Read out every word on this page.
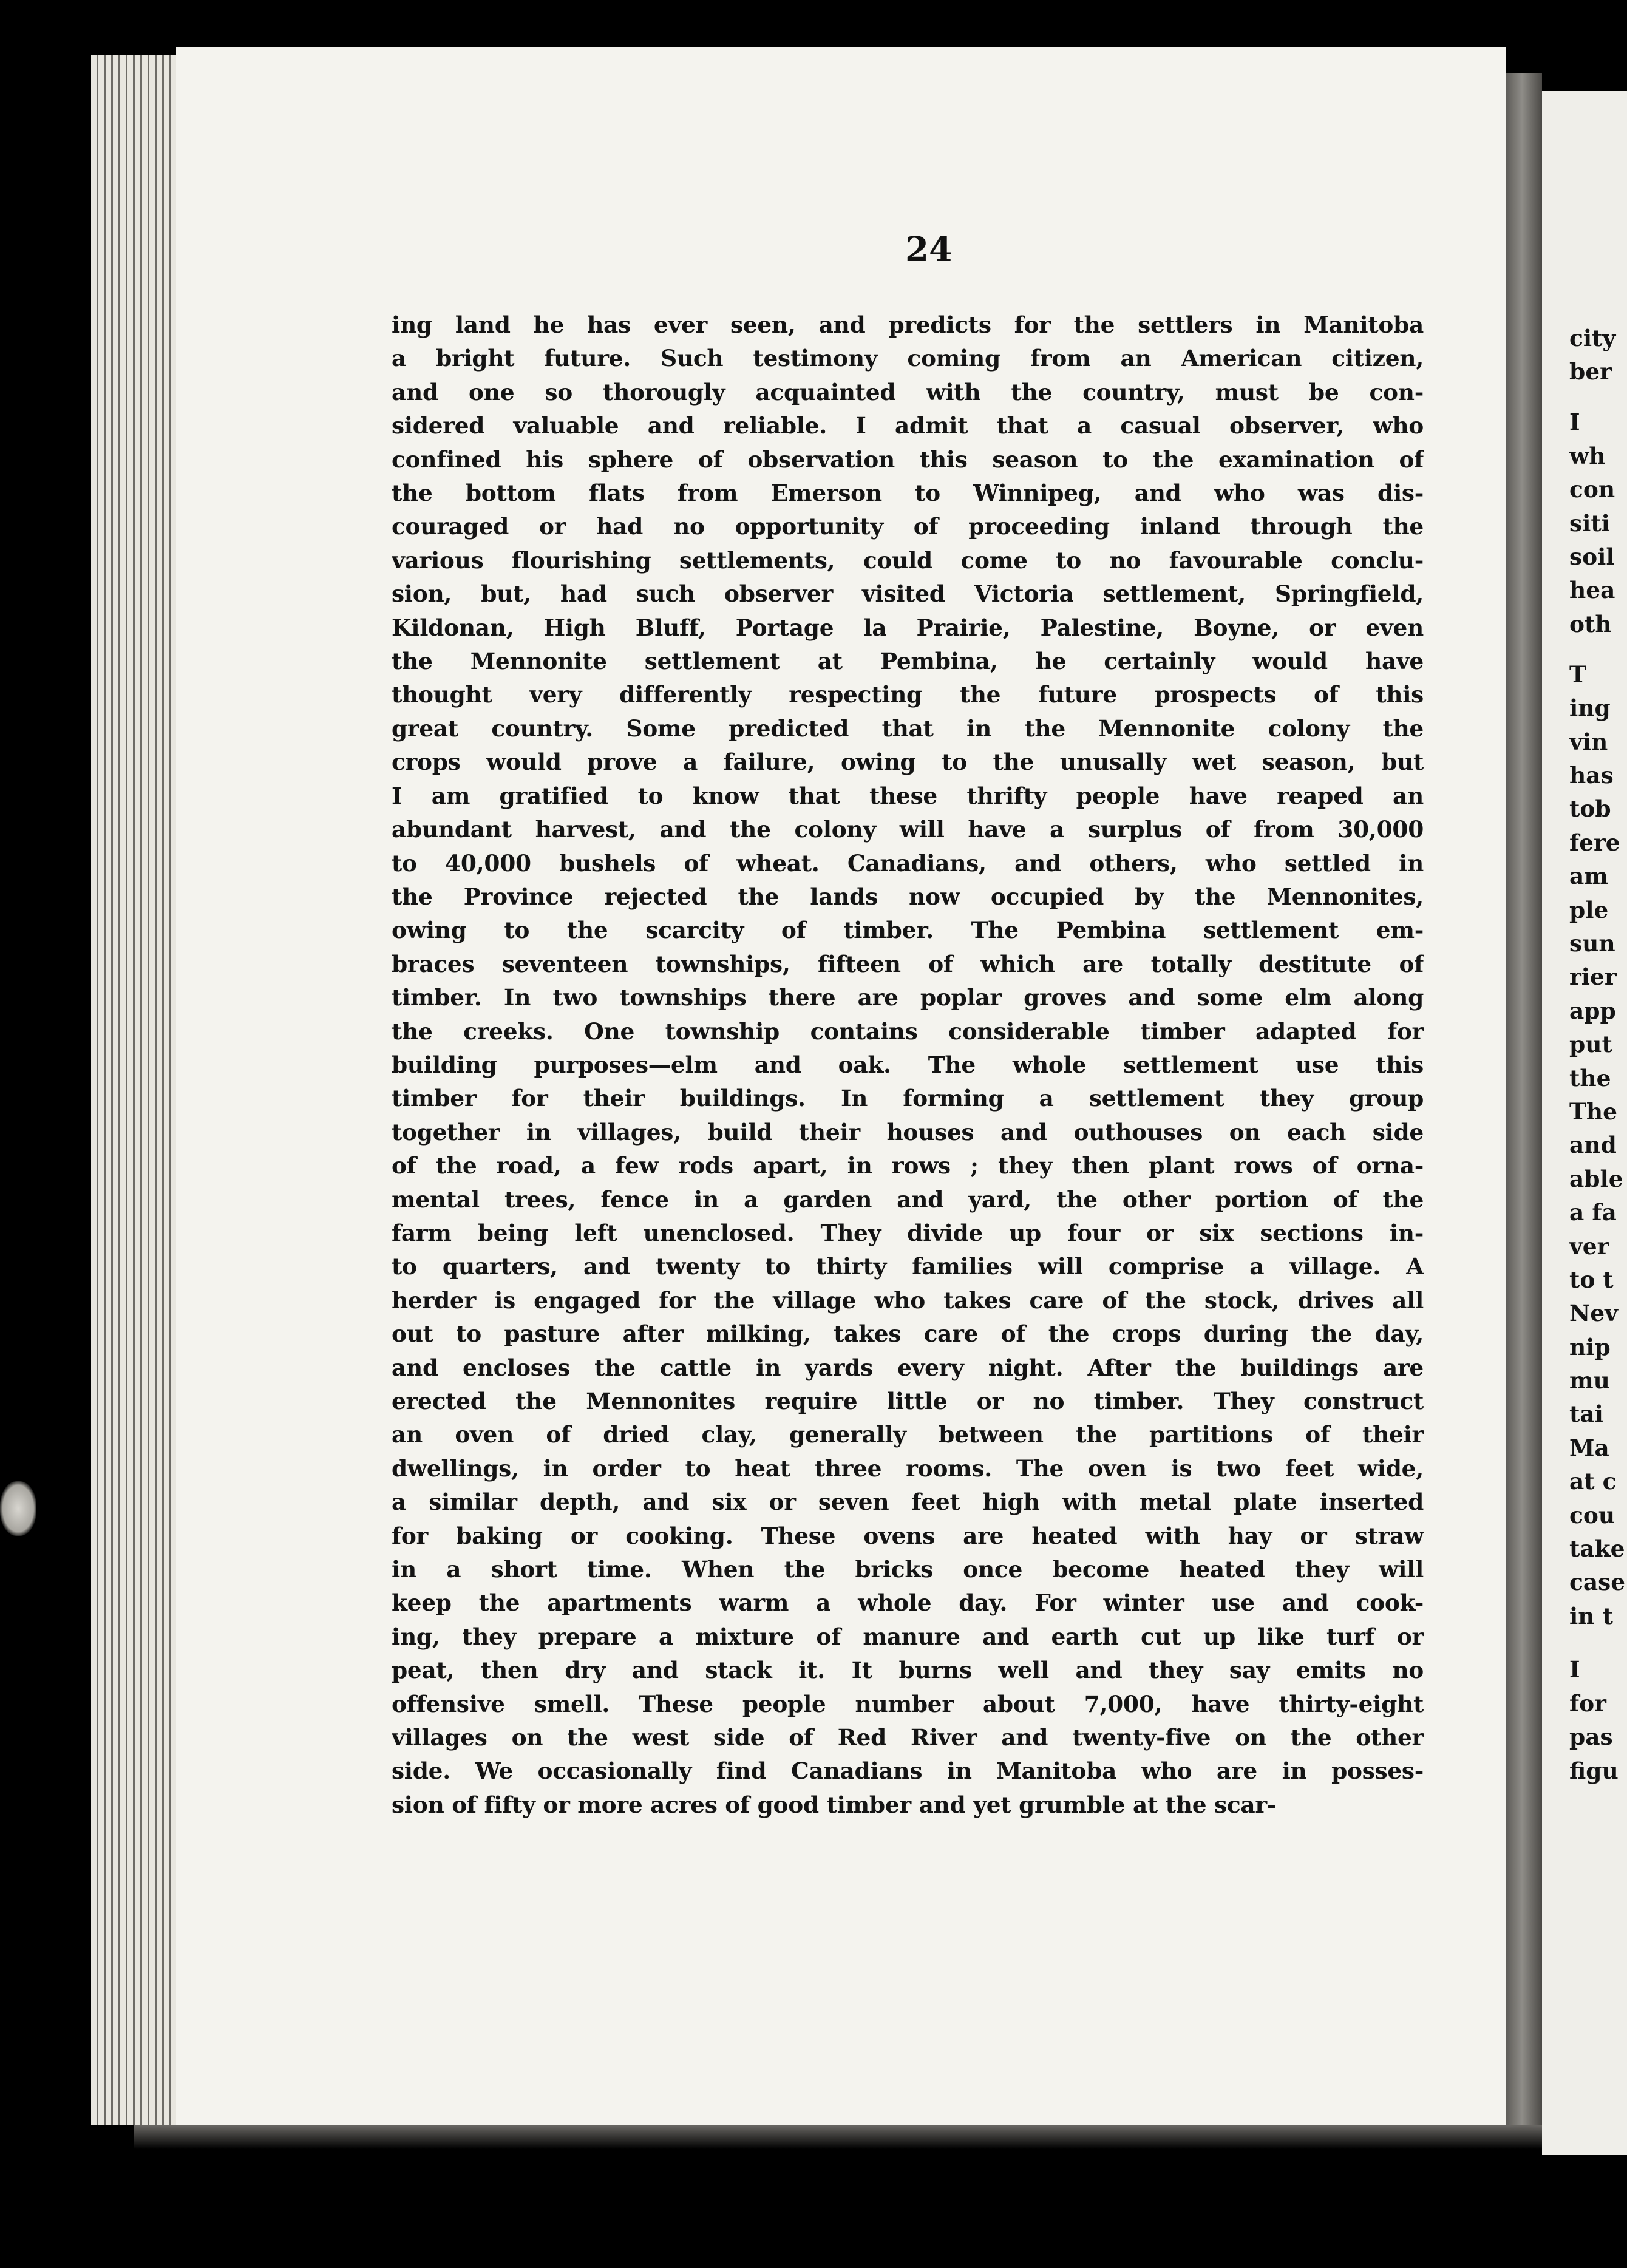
24
ing land he has ever seen, and predicts for the settlers in Manitoba
a bright future. Such testimony coming from an American citizen,
and one so thorougly acquainted with the country, must be con-
sidered valuable and reliable. I admit that a casual observer, who
confined his sphere of observation this season to the examination of
the bottom flats from Emerson to Winnipeg, and who was dis-
couraged or had no opportunity of proceeding inland through the
various flourishing settlements, could come to no favourable conclu-
sion, but, had such observer visited Victoria settlement, Springfield,
Kildonan, High Bluff, Portage la Prairie, Palestine, Boyne, or even
the Mennonite settlement at Pembina, he certainly would have
thought very differently respecting the future prospects of this
great country. Some predicted that in the Mennonite colony the
crops would prove a failure, owing to the unusally wet season, but
I am gratified to know that these thrifty people have reaped an
abundant harvest, and the colony will have a surplus of from 30,000
to 40,000 bushels of wheat. Canadians, and others, who settled in
the Province rejected the lands now occupied by the Mennonites,
owing to the scarcity of timber. The Pembina settlement em-
braces seventeen townships, fifteen of which are totally destitute of
timber. In two townships there are poplar groves and some elm along
the creeks. One township contains considerable timber adapted for
building purposes—elm and oak. The whole settlement use this
timber for their buildings. In forming a settlement they group
together in villages, build their houses and outhouses on each side
of the road, a few rods apart, in rows ; they then plant rows of orna-
mental trees, fence in a garden and yard, the other portion of the
farm being left unenclosed. They divide up four or six sections in-
to quarters, and twenty to thirty families will comprise a village. A
herder is engaged for the village who takes care of the stock, drives all
out to pasture after milking, takes care of the crops during the day,
and encloses the cattle in yards every night. After the buildings are
erected the Mennonites require little or no timber. They construct
an oven of dried clay, generally between the partitions of their
dwellings, in order to heat three rooms. The oven is two feet wide,
a similar depth, and six or seven feet high with metal plate inserted
for baking or cooking. These ovens are heated with hay or straw
in a short time. When the bricks once become heated they will
keep the apartments warm a whole day. For winter use and cook-
ing, they prepare a mixture of manure and earth cut up like turf or
peat, then dry and stack it. It burns well and they say emits no
offensive smell. These people number about 7,000, have thirty-eight
villages on the west side of Red River and twenty-five on the other
side. We occasionally find Canadians in Manitoba who are in posses-
sion of fifty or more acres of good timber and yet grumble at the scar-
city
ber
I
wh
con
siti
soil
hea
oth
T
ing
vin
has
tob
fere
am
ple
sun
rier
app
put
the
The
and
able
a fa
ver
to t
Nev
nip
mu
tai
Ma
at c
cou
take
case
in t
I
for
pas
figu
